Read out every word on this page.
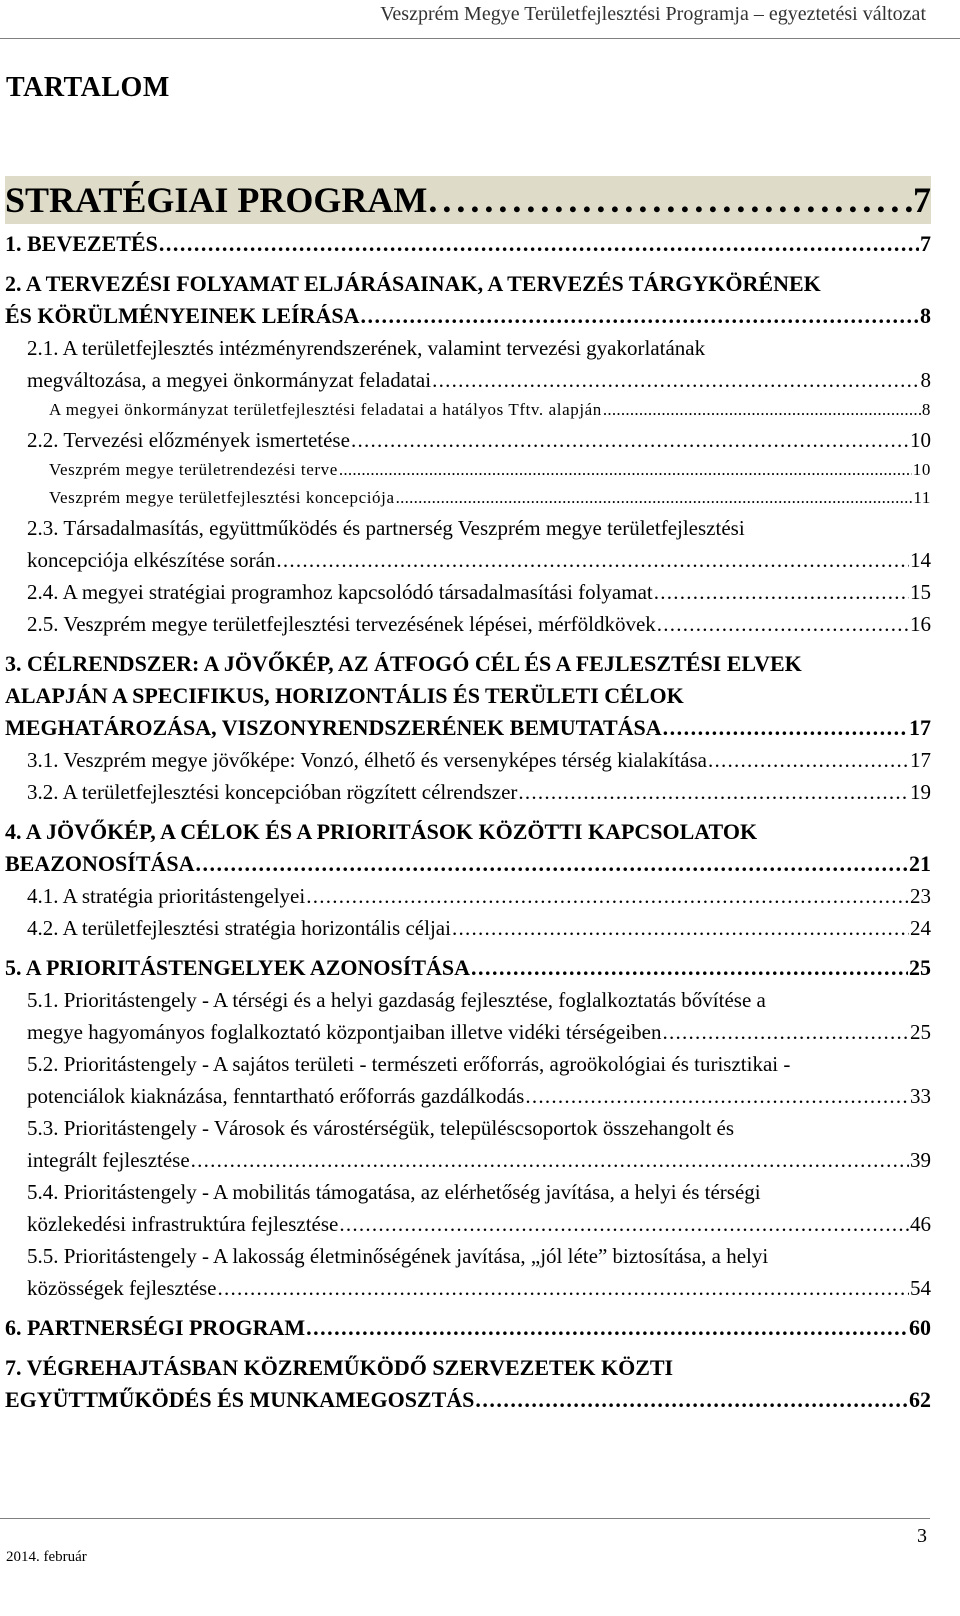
Veszprém Megye Területfejlesztési Programja – egyeztetési változat
TARTALOM
STRATÉGIAI PROGRAM . . .	7
1. BEVEZETÉS . . .	7
2. A TERVEZÉSI FOLYAMAT ELJÁRÁSAINAK, A TERVEZÉS TÁRGYKÖRÉNEK
ÉS KÖRÜLMÉNYEINEK LEÍRÁSA . . .	8
2.1. A területfejlesztés intézményrendszerének, valamint tervezési gyakorlatának
megváltozása, a megyei önkormányzat feladatai . . .	8
A megyei önkormányzat területfejlesztési feladatai a hatályos Tftv. alapján . . .	8
2.2. Tervezési előzmények ismertetése . . .	10
Veszprém megye területrendezési terve . . .	10
Veszprém megye területfejlesztési koncepciója . . .	11
2.3. Társadalmasítás, együttműködés és partnerség Veszprém megye területfejlesztési
koncepciója elkészítése során . . .	14
2.4. A megyei stratégiai programhoz kapcsolódó társadalmasítási folyamat . . .	15
2.5. Veszprém megye területfejlesztési tervezésének lépései, mérföldkövek . . .	16
3. CÉLRENDSZER: A JÖVŐKÉP, AZ ÁTFOGÓ CÉL ÉS A FEJLESZTÉSI ELVEK
ALAPJÁN A SPECIFIKUS, HORIZONTÁLIS ÉS TERÜLETI CÉLOK
MEGHATÁROZÁSA, VISZONYRENDSZERÉNEK BEMUTATÁSA . . .	17
3.1. Veszprém megye jövőképe: Vonzó, élhető és versenyképes térség kialakítása . . .	17
3.2. A területfejlesztési koncepcióban rögzített célrendszer . . .	19
4. A JÖVŐKÉP, A CÉLOK ÉS A PRIORITÁSOK KÖZÖTTI KAPCSOLATOK
BEAZONOSÍTÁSA . . .	21
4.1. A stratégia prioritástengelyei . . .	23
4.2. A területfejlesztési stratégia horizontális céljai . . .	24
5. A PRIORITÁSTENGELYEK AZONOSÍTÁSA . . .	25
5.1. Prioritástengely - A térségi és a helyi gazdaság fejlesztése, foglalkoztatás bővítése a
megye hagyományos foglalkoztató központjaiban illetve vidéki térségeiben . . .	25
5.2. Prioritástengely - A sajátos területi - természeti erőforrás, agroökológiai és turisztikai -
potenciálok kiaknázása, fenntartható erőforrás gazdálkodás . . .	33
5.3. Prioritástengely - Városok és várostérségük, településcsoportok összehangolt és
integrált fejlesztése . . .	39
5.4. Prioritástengely - A mobilitás támogatása, az elérhetőség javítása, a helyi és térségi
közlekedési infrastruktúra fejlesztése . . .	46
5.5. Prioritástengely - A lakosság életminőségének javítása, „jól léte” biztosítása, a helyi
közösségek fejlesztése . . .	54
6. PARTNERSÉGI PROGRAM . . .	60
7. VÉGREHAJTÁSBAN KÖZREMŰKÖDŐ SZERVEZETEK KÖZTI
EGYÜTTMŰKÖDÉS ÉS MUNKAMEGOSZTÁS . . .	62
2014. február
3
